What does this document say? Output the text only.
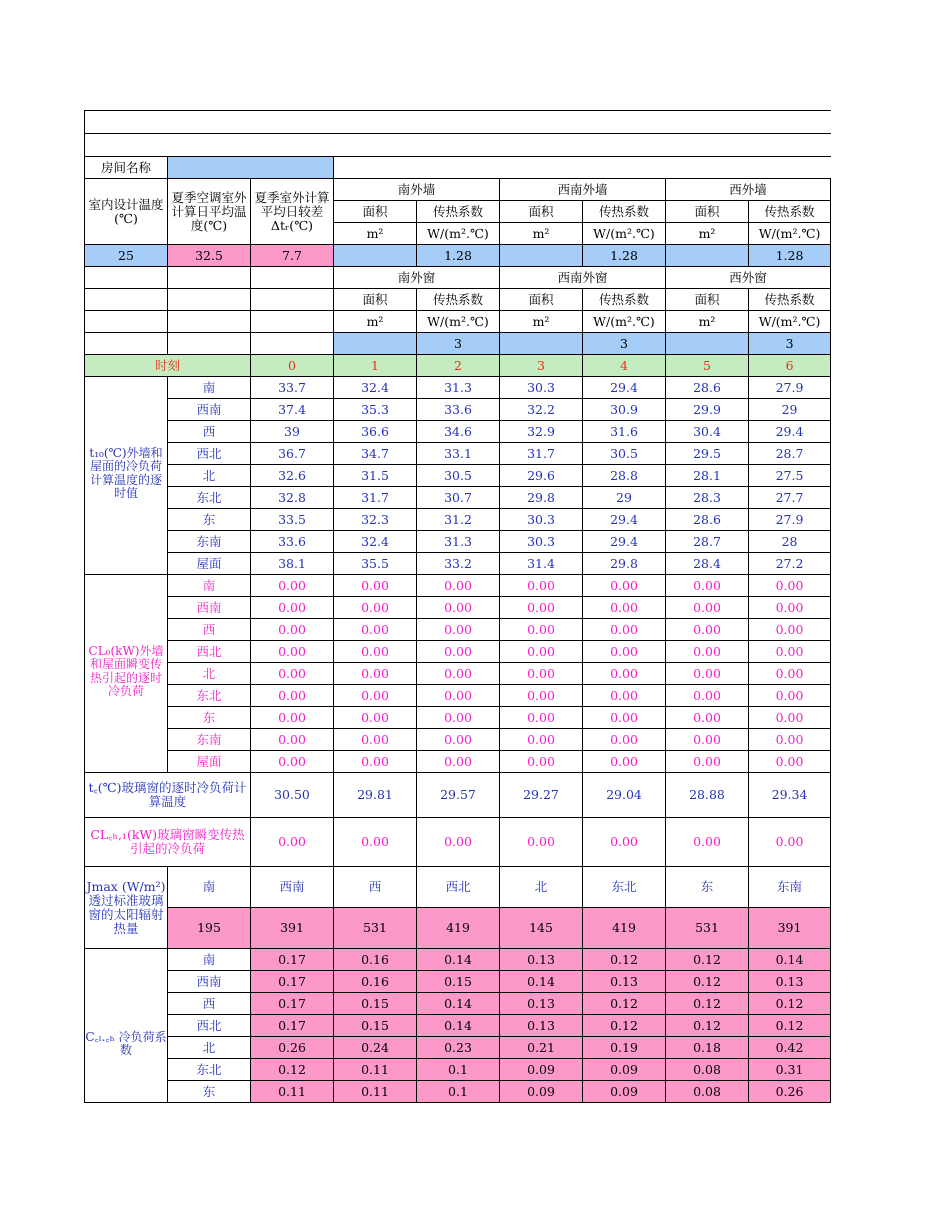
房间名称								
室内设计温度(℃)	夏季空调室外计算日平均温度(℃)	夏季室外计算平均日较差Δtᵣ(℃)	南外墙		西南外墙		西外墙	
			面积	传热系数	面积	传热系数	面积	传热系数
			m²	W/(m².℃)	m²	W/(m².℃)	m²	W/(m².℃)
25	32.5	7.7		1.28		1.28		1.28
			南外窗		西南外窗		西外窗	
			面积	传热系数	面积	传热系数	面积	传热系数
			m²	W/(m².℃)	m²	W/(m².℃)	m²	W/(m².℃)
				3		3		3
时刻		0	1	2	3	4	5	6
t₁₀(℃)外墙和屋面的冷负荷计算温度的逐时值	南	33.7	32.4	31.3	30.3	29.4	28.6	27.9
	西南	37.4	35.3	33.6	32.2	30.9	29.9	29
	西	39	36.6	34.6	32.9	31.6	30.4	29.4
	西北	36.7	34.7	33.1	31.7	30.5	29.5	28.7
	北	32.6	31.5	30.5	29.6	28.8	28.1	27.5
	东北	32.8	31.7	30.7	29.8	29	28.3	27.7
	东	33.5	32.3	31.2	30.3	29.4	28.6	27.9
	东南	33.6	32.4	31.3	30.3	29.4	28.7	28
	屋面	38.1	35.5	33.2	31.4	29.8	28.4	27.2
CL₀(kW)外墙和屋面瞬变传热引起的逐时冷负荷	南	0.00	0.00	0.00	0.00	0.00	0.00	0.00
	西南	0.00	0.00	0.00	0.00	0.00	0.00	0.00
	西	0.00	0.00	0.00	0.00	0.00	0.00	0.00
	西北	0.00	0.00	0.00	0.00	0.00	0.00	0.00
	北	0.00	0.00	0.00	0.00	0.00	0.00	0.00
	东北	0.00	0.00	0.00	0.00	0.00	0.00	0.00
	东	0.00	0.00	0.00	0.00	0.00	0.00	0.00
	东南	0.00	0.00	0.00	0.00	0.00	0.00	0.00
	屋面	0.00	0.00	0.00	0.00	0.00	0.00	0.00
t꜀(℃)玻璃窗的逐时冷负荷计算温度		30.50	29.81	29.57	29.27	29.04	28.88	29.34
CL꜀ₕ,₁(kW)玻璃窗瞬变传热引起的冷负荷		0.00	0.00	0.00	0.00	0.00	0.00	0.00
Jmax (W/m²) 透过标准玻璃窗的太阳辐射热量	南	西南	西	西北	北	东北	东	东南
	195	391	531	419	145	419	531	391
C꜀ₗ.꜀ₕ 冷负荷系数	南	0.17	0.16	0.14	0.13	0.12	0.12	0.14
	西南	0.17	0.16	0.15	0.14	0.13	0.12	0.13
	西	0.17	0.15	0.14	0.13	0.12	0.12	0.12
	西北	0.17	0.15	0.14	0.13	0.12	0.12	0.12
	北	0.26	0.24	0.23	0.21	0.19	0.18	0.42
	东北	0.12	0.11	0.1	0.09	0.09	0.08	0.31
	东	0.11	0.11	0.1	0.09	0.09	0.08	0.26
